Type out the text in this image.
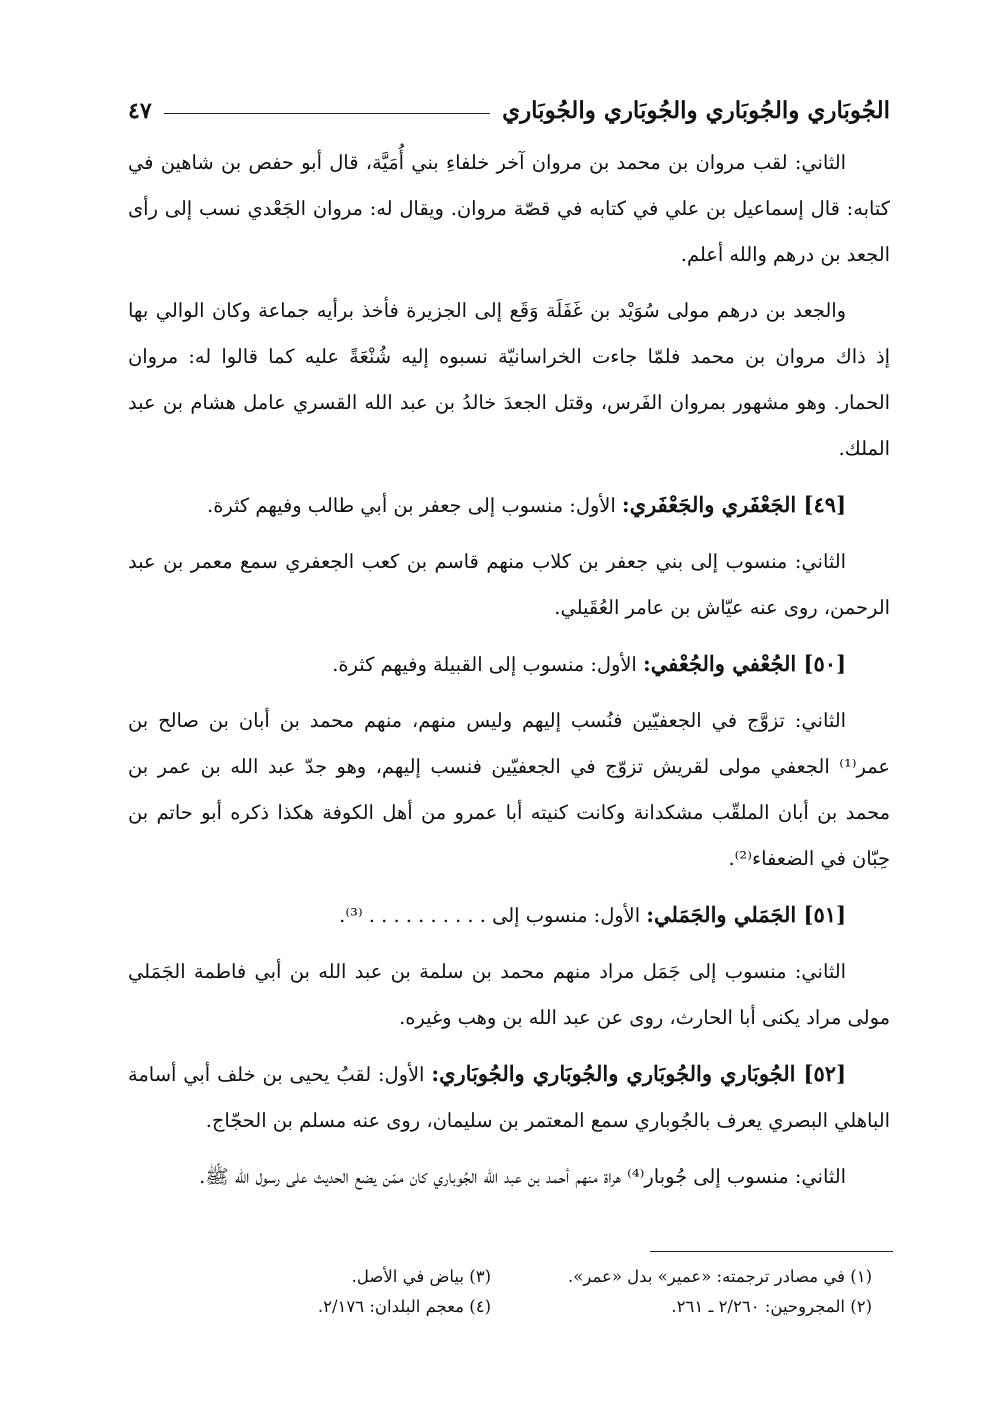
الجُوبَاري والجُوبَاري والجُوبَاري والجُوبَاري
٤٧

الثاني: لقب مروان بن محمد بن مروان آخر خلفاءِ بني أُمَيَّة، قال أبو حفص بن شاهين في كتابه: قال إسماعيل بن علي في كتابه في قصّة مروان. ويقال له: مروان الجَعْدي نسب إلى رأى الجعد بن درهم والله أعلم.

والجعد بن درهم مولى سُوَيْد بن غَفَلَة وَقَع إلى الجزيرة فأخذ برأيه جماعة وكان الوالي بها إذ ذاك مروان بن محمد فلمّا جاءت الخراسانيّة نسبوه إليه شُنْعَةً عليه كما قالوا له: مروان الحمار. وهو مشهور بمروان الفَرس، وقتل الجعدَ خالدُ بن عبد الله القسري عامل هشام بن عبد الملك.

[٤٩] الجَعْفَري والجَعْفَري: الأول: منسوب إلى جعفر بن أبي طالب وفيهم كثرة.

الثاني: منسوب إلى بني جعفر بن كلاب منهم قاسم بن كعب الجعفري سمع معمر بن عبد الرحمن، روى عنه عيّاش بن عامر العُقَيلي.

[٥٠] الجُعْفي والجُعْفي: الأول: منسوب إلى القبيلة وفيهم كثرة.

الثاني: تزوَّج في الجعفيّين فنُسب إليهم وليس منهم، منهم محمد بن أبان بن صالح بن عمر⁽¹⁾ الجعفي مولى لقريش تزوّج في الجعفيّين فنسب إليهم، وهو جدّ عبد الله بن عمر بن محمد بن أبان الملقّب مشكدانة وكانت كنيته أبا عمرو من أهل الكوفة هكذا ذكره أبو حاتم بن حِبّان في الضعفاء⁽²⁾.

[٥١] الجَمَلي والجَمَلي: الأول: منسوب إلى . . . . . . . . . . ⁽³⁾.

الثاني: منسوب إلى جَمَل مراد منهم محمد بن سلمة بن عبد الله بن أبي فاطمة الجَمَلي مولى مراد يكنى أبا الحارث، روى عن عبد الله بن وهب وغيره.

[٥٢] الجُوبَاري والجُوبَاري والجُوبَاري والجُوبَاري: الأول: لقبُ يحيى بن خلف أبي أسامة الباهلي البصري يعرف بالجُوباري سمع المعتمر بن سليمان، روى عنه مسلم بن الحجّاج.

الثاني: منسوب إلى جُوبار⁽⁴⁾ هراة منهم أحمد بن عبد الله الجُوباري كان ممّن يضع الحديث على رسول الله ﷺ.

(١) في مصادر ترجمته: «عمير» بدل «عمر».
(٣) بياض في الأصل.
(٢) المجروحين: ٢/٢٦٠ ـ ٢٦١.
(٤) معجم البلدان: ٢/١٧٦.
